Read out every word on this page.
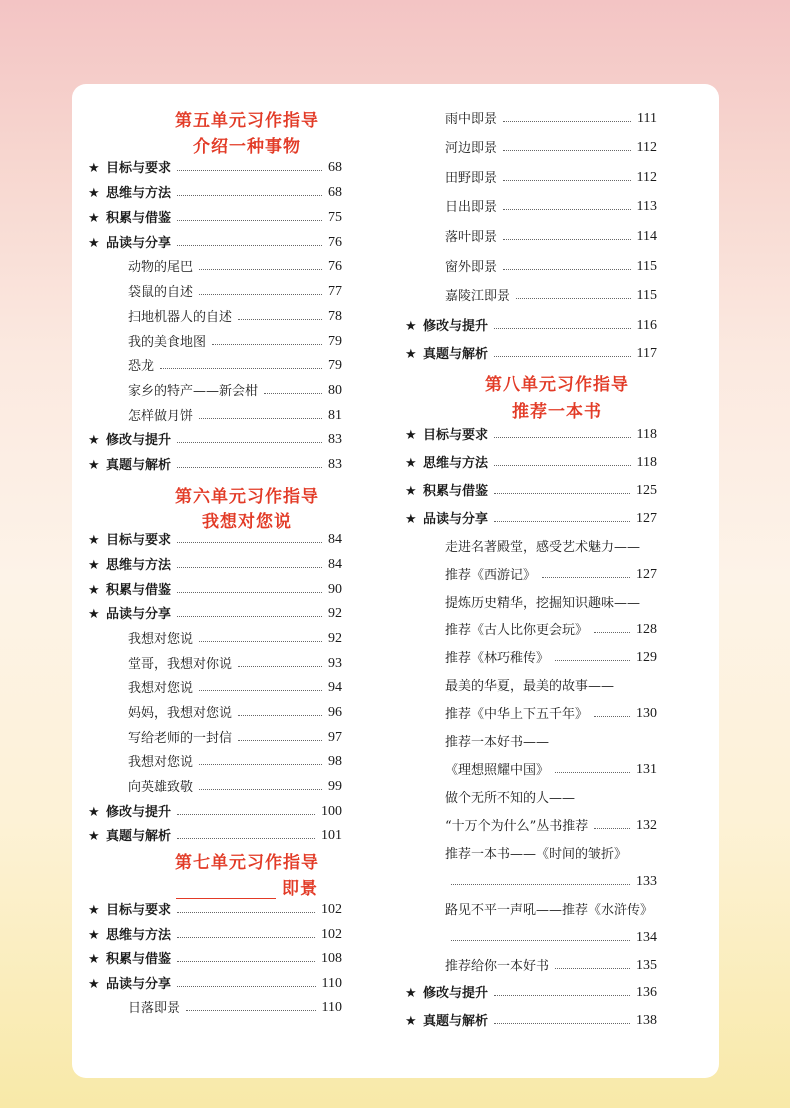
第五单元习作指导
介绍一种事物
★ 目标与要求	68
★ 思维与方法	68
★ 积累与借鉴	75
★ 品读与分享	76
动物的尾巴	76
袋鼠的自述	77
扫地机器人的自述	78
我的美食地图	79
恐龙	79
家乡的特产——新会柑	80
怎样做月饼	81
★ 修改与提升	83
★ 真题与解析	83
第六单元习作指导
我想对您说
★ 目标与要求	84
★ 思维与方法	84
★ 积累与借鉴	90
★ 品读与分享	92
我想对您说	92
堂哥，我想对你说	93
我想对您说	94
妈妈，我想对您说	96
写给老师的一封信	97
我想对您说	98
向英雄致敬	99
★ 修改与提升	100
★ 真题与解析	101
第七单元习作指导
即景
★ 目标与要求	102
★ 思维与方法	102
★ 积累与借鉴	108
★ 品读与分享	110
日落即景	110
雨中即景	111
河边即景	112
田野即景	112
日出即景	113
落叶即景	114
窗外即景	115
嘉陵江即景	115
★ 修改与提升	116
★ 真题与解析	117
第八单元习作指导
推荐一本书
★ 目标与要求	118
★ 思维与方法	118
★ 积累与借鉴	125
★ 品读与分享	127
走进名著殿堂，感受艺术魅力——
推荐《西游记》	127
提炼历史精华，挖掘知识趣味——
推荐《古人比你更会玩》	128
推荐《林巧稚传》	129
最美的华夏，最美的故事——
推荐《中华上下五千年》	130
推荐一本好书——
《理想照耀中国》	131
做个无所不知的人——
“十万个为什么”丛书推荐	132
推荐一本书——《时间的皱折》
133
路见不平一声吼——推荐《水浒传》
134
推荐给你一本好书	135
★ 修改与提升	136
★ 真题与解析	138
